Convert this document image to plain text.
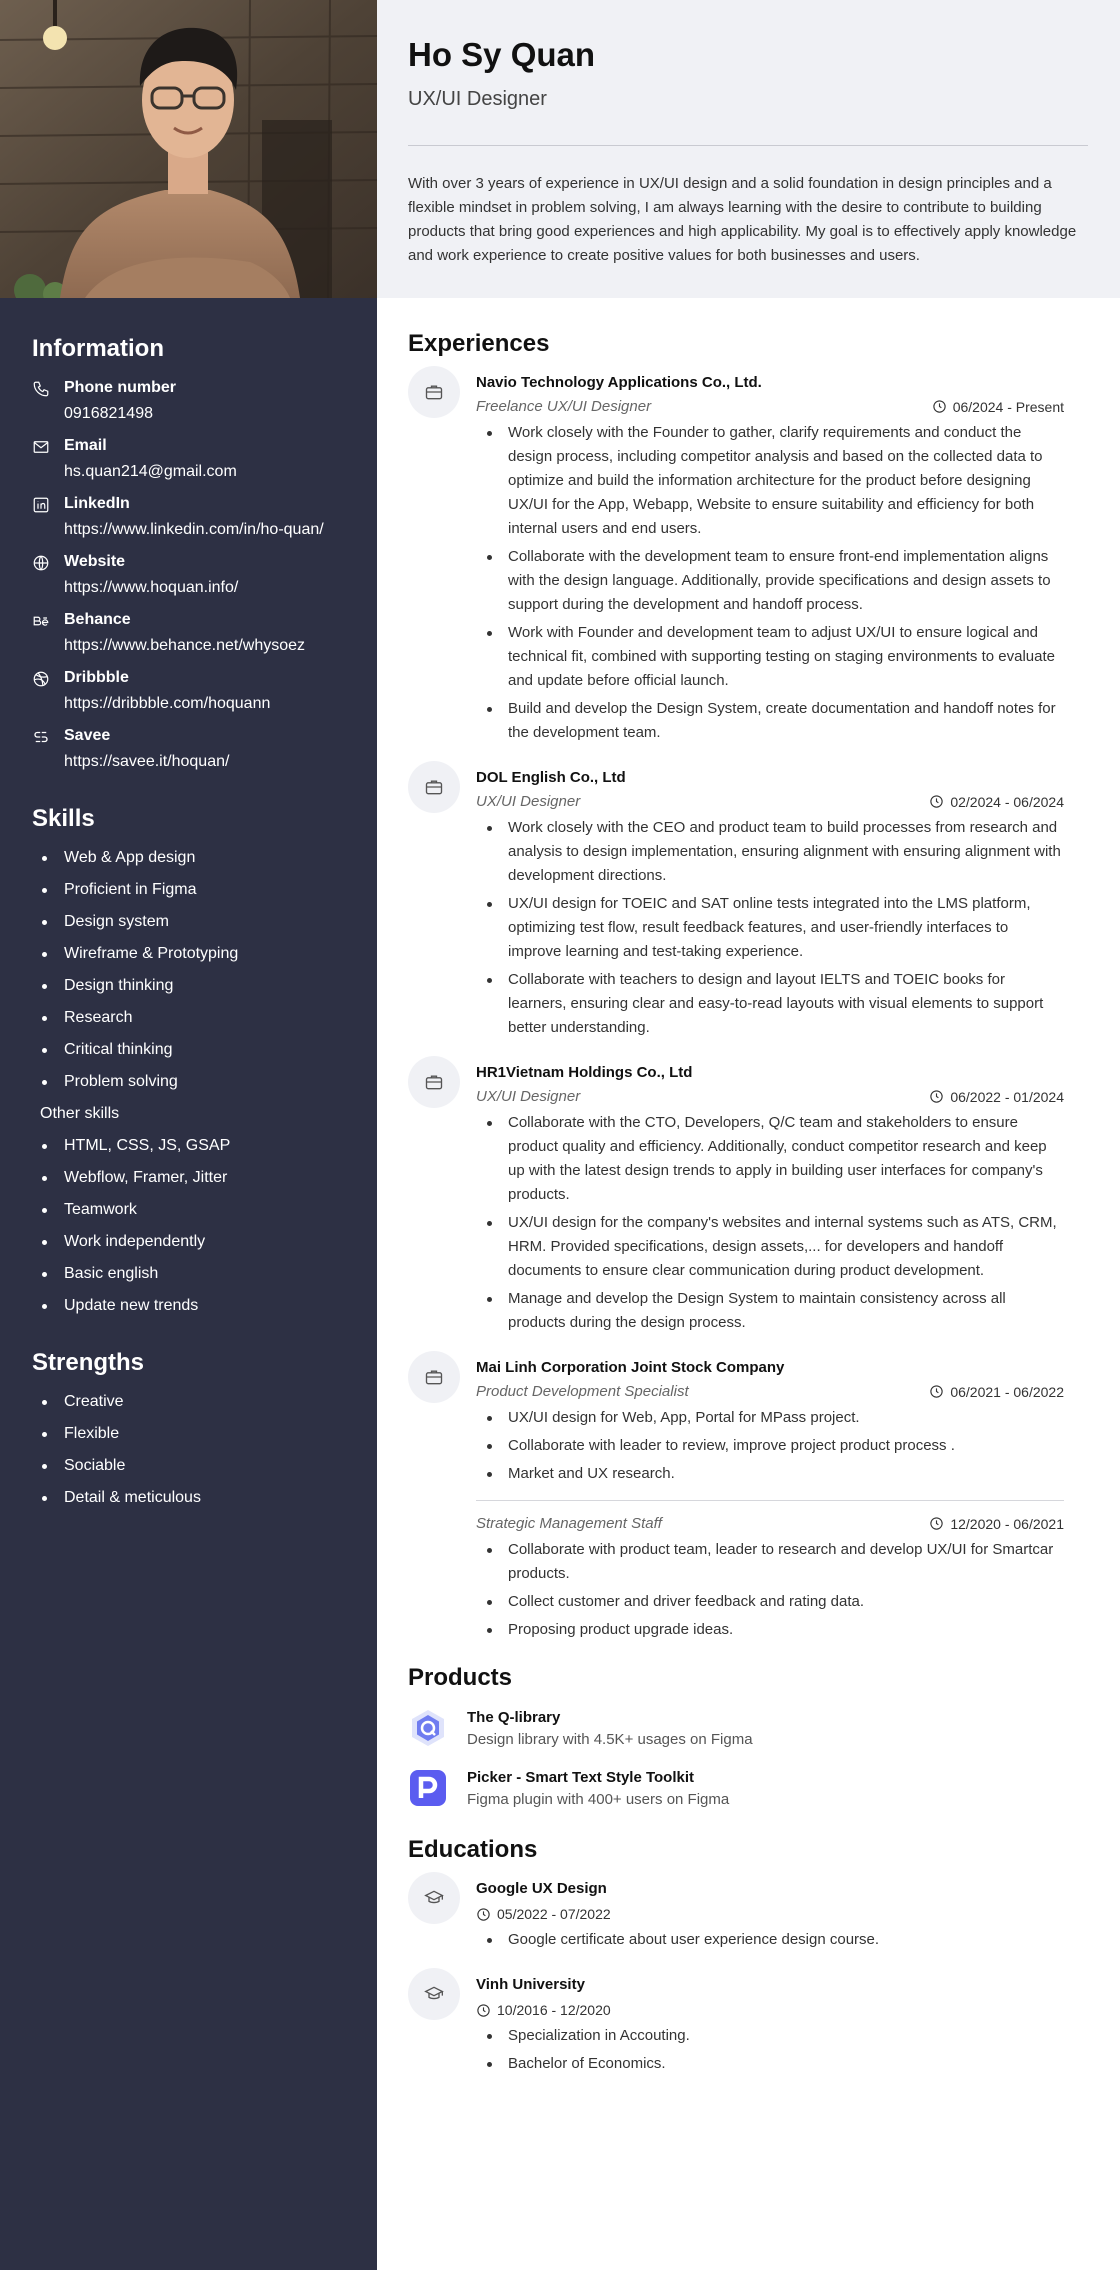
Information
Phone number
0916821498
Email
hs.quan214@gmail.com
LinkedIn
https://www.linkedin.com/in/ho-quan/
Website
https://www.hoquan.info/
Behance
https://www.behance.net/whysoez
Dribbble
https://dribbble.com/hoquann
Savee
https://savee.it/hoquan/
Skills
Web & App design
Proficient in Figma
Design system
Wireframe & Prototyping
Design thinking
Research
Critical thinking
Problem solving
Other skills
HTML, CSS, JS, GSAP
Webflow, Framer, Jitter
Teamwork
Work independently
Basic english
Update new trends
Strengths
Creative
Flexible
Sociable
Detail & meticulous
Ho Sy Quan
UX/UI Designer

With over 3 years of experience in UX/UI design and a solid foundation in design principles and a flexible mindset in problem solving, I am always learning with the desire to contribute to building products that bring good experiences and high applicability. My goal is to effectively apply knowledge and work experience to create positive values for both businesses and users.

Experiences
Navio Technology Applications Co., Ltd.
Freelance UX/UI Designer	06/2024 - Present
Work closely with the Founder to gather, clarify requirements and conduct the design process, including competitor analysis and based on the collected data to optimize and build the information architecture for the product before designing UX/UI for the App, Webapp, Website to ensure suitability and efficiency for both internal users and end users.
Collaborate with the development team to ensure front-end implementation aligns with the design language. Additionally, provide specifications and design assets to support during the development and handoff process.
Work with Founder and development team to adjust UX/UI to ensure logical and technical fit, combined with supporting testing on staging environments to evaluate and update before official launch.
Build and develop the Design System, create documentation and handoff notes for the development team.
DOL English Co., Ltd
UX/UI Designer	02/2024 - 06/2024
Work closely with the CEO and product team to build processes from research and analysis to design implementation, ensuring alignment with ensuring alignment with development directions.
UX/UI design for TOEIC and SAT online tests integrated into the LMS platform, optimizing test flow, result feedback features, and user-friendly interfaces to improve learning and test-taking experience.
Collaborate with teachers to design and layout IELTS and TOEIC books for learners, ensuring clear and easy-to-read layouts with visual elements to support better understanding.
HR1Vietnam Holdings Co., Ltd
UX/UI Designer	06/2022 - 01/2024
Collaborate with the CTO, Developers, Q/C team and stakeholders to ensure product quality and efficiency. Additionally, conduct competitor research and keep up with the latest design trends to apply in building user interfaces for company's products.
UX/UI design for the company's websites and internal systems such as ATS, CRM, HRM. Provided specifications, design assets,... for developers and handoff documents to ensure clear communication during product development.
Manage and develop the Design System to maintain consistency across all products during the design process.
Mai Linh Corporation Joint Stock Company
Product Development Specialist	06/2021 - 06/2022
UX/UI design for Web, App, Portal for MPass project.
Collaborate with leader to review, improve project product process .
Market and UX research.
Strategic Management Staff	12/2020 - 06/2021
Collaborate with product team, leader to research and develop UX/UI for Smartcar products.
Collect customer and driver feedback and rating data.
Proposing product upgrade ideas.
Products
The Q-library
Design library with 4.5K+ usages on Figma
Picker - Smart Text Style Toolkit
Figma plugin with 400+ users on Figma
Educations
Google UX Design
05/2022 - 07/2022
Google certificate about user experience design course.
Vinh University
10/2016 - 12/2020
Specialization in Accouting.
Bachelor of Economics.
